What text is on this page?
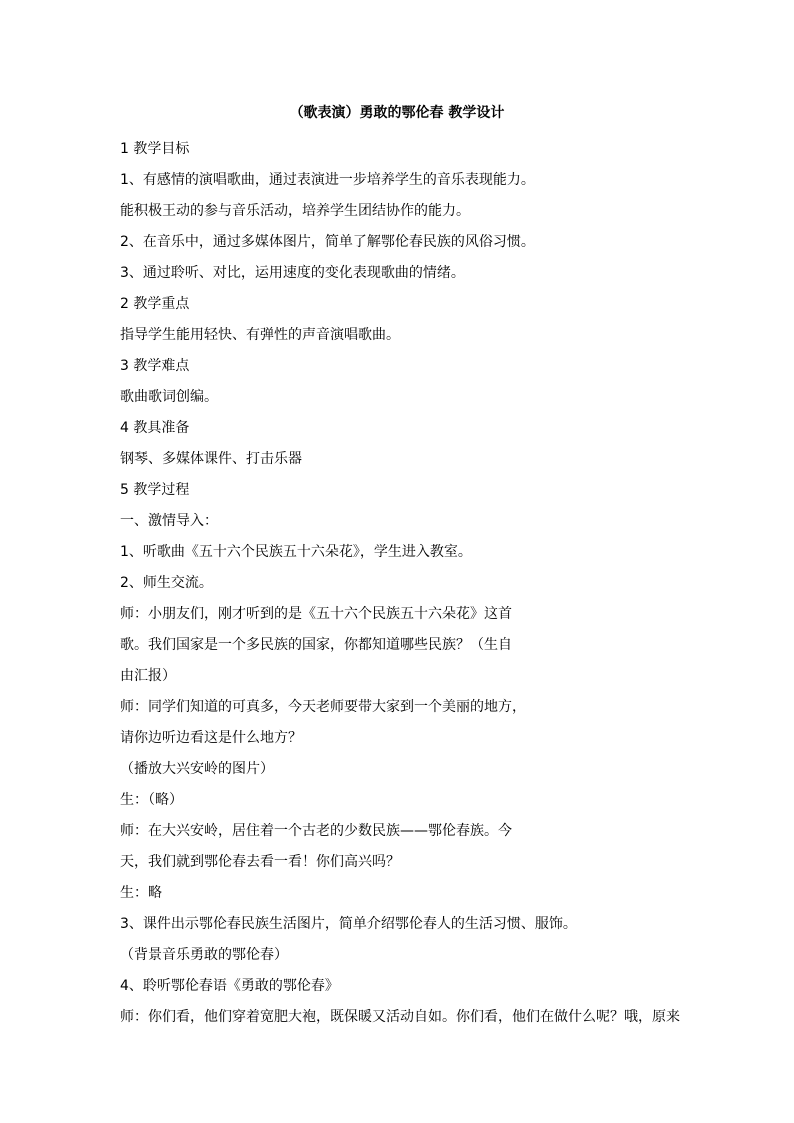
（歌表演）勇敢的鄂伦春 教学设计
1 教学目标
1、有感情的演唱歌曲，通过表演进一步培养学生的音乐表现能力。
能积极王动的参与音乐活动，培养学生团结协作的能力。
2、在音乐中，通过多媒体图片，简单了解鄂伦春民族的风俗习惯。
3、通过聆听、对比，运用速度的变化表现歌曲的情绪。
2 教学重点
指导学生能用轻快、有弹性的声音演唱歌曲。
3 教学难点
歌曲歌词创编。
4 教具准备
钢琴、多媒体课件、打击乐器
5 教学过程
一、激情导入：
1、听歌曲《五十六个民族五十六朵花》，学生进入教室。
2、师生交流。
师：小朋友们，刚才听到的是《五十六个民族五十六朵花》这首
歌。我们国家是一个多民族的国家，你都知道哪些民族？（生自
由汇报）
师：同学们知道的可真多，今天老师要带大家到一个美丽的地方，
请你边听边看这是什么地方？
（播放大兴安岭的图片）
生：（略）
师：在大兴安岭，居住着一个古老的少数民族——鄂伦春族。今
天，我们就到鄂伦春去看一看！你们高兴吗？
生：略
3、课件出示鄂伦春民族生活图片，简单介绍鄂伦春人的生活习惯、服饰。
（背景音乐勇敢的鄂伦春）
4、聆听鄂伦春语《勇敢的鄂伦春》
师：你们看，他们穿着宽肥大袍，既保暖又活动自如。你们看，他们在做什么呢？哦，原来
